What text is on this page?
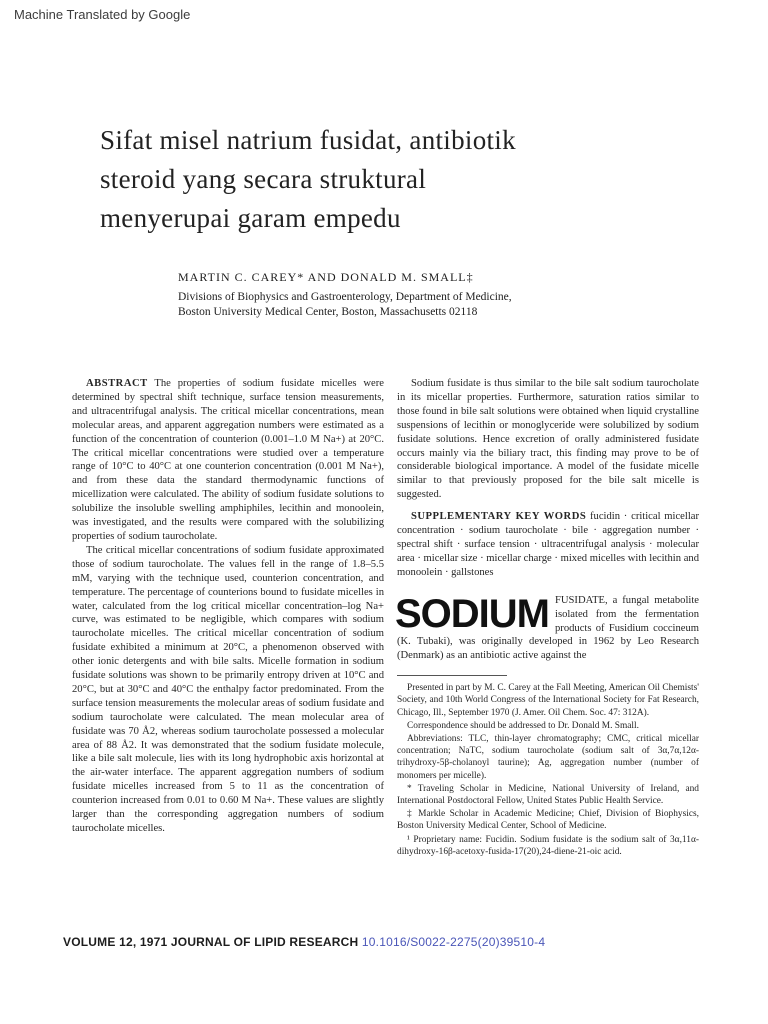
Machine Translated by Google
Sifat misel natrium fusidat, antibiotik
steroid yang secara struktural
menyerupai garam empedu
MARTIN C. CAREY* AND DONALD M. SMALL‡
Divisions of Biophysics and Gastroenterology, Department of Medicine,
Boston University Medical Center, Boston, Massachusetts 02118

ABSTRACT The properties of sodium fusidate micelles were determined by spectral shift technique, surface tension measurements, and ultracentrifugal analysis. The critical micellar concentrations, mean molecular areas, and apparent aggregation numbers were estimated as a function of the concentration of counterion (0.001–1.0 M Na+) at 20°C. The critical micellar concentrations were studied over a temperature range of 10°C to 40°C at one counterion concentration (0.001 M Na+), and from these data the standard thermodynamic functions of micellization were calculated. The ability of sodium fusidate solutions to solubilize the insoluble swelling amphiphiles, lecithin and monoolein, was investigated, and the results were compared with the solubilizing properties of sodium taurocholate.

The critical micellar concentrations of sodium fusidate approximated those of sodium taurocholate. The values fell in the range of 1.8–5.5 mM, varying with the technique used, counterion concentration, and temperature. The percentage of counterions bound to fusidate micelles in water, calculated from the log critical micellar concentration–log Na+ curve, was estimated to be negligible, which compares with sodium taurocholate micelles. The critical micellar concentration of sodium fusidate exhibited a minimum at 20°C, a phenomenon observed with other ionic detergents and with bile salts. Micelle formation in sodium fusidate solutions was shown to be primarily entropy driven at 10°C and 20°C, but at 30°C and 40°C the enthalpy factor predominated. From the surface tension measurements the molecular areas of sodium fusidate and sodium taurocholate were calculated. The mean molecular area of fusidate was 70 Å2, whereas sodium taurocholate possessed a molecular area of 88 Å2. It was demonstrated that the sodium fusidate molecule, like a bile salt molecule, lies with its long hydrophobic axis horizontal at the air-water interface. The apparent aggregation numbers of sodium fusidate micelles increased from 5 to 11 as the concentration of counterion increased from 0.01 to 0.60 M Na+. These values are slightly larger than the corresponding aggregation numbers of sodium taurocholate micelles.

Sodium fusidate is thus similar to the bile salt sodium taurocholate in its micellar properties. Furthermore, saturation ratios similar to those found in bile salt solutions were obtained when liquid crystalline suspensions of lecithin or monoglyceride were solubilized by sodium fusidate solutions. Hence excretion of orally administered fusidate occurs mainly via the biliary tract, this finding may prove to be of considerable biological importance. A model of the fusidate micelle similar to that previously proposed for the bile salt micelle is suggested.

SUPPLEMENTARY KEY WORDS fucidin · critical micellar concentration · sodium taurocholate · bile · aggregation number · spectral shift · surface tension · ultracentrifugal analysis · molecular area · micellar size · micellar charge · mixed micelles with lecithin and monoolein · gallstones

SODIUM FUSIDATE, a fungal metabolite isolated from the fermentation products of Fusidium coccineum (K. Tubaki), was originally developed in 1962 by Leo Research (Denmark) as an antibiotic active against the

Presented in part by M. C. Carey at the Fall Meeting, American Oil Chemists' Society, and 10th World Congress of the International Society for Fat Research, Chicago, Ill., September 1970 (J. Amer. Oil Chem. Soc. 47: 312A).

Correspondence should be addressed to Dr. Donald M. Small.

Abbreviations: TLC, thin-layer chromatography; CMC, critical micellar concentration; NaTC, sodium taurocholate (sodium salt of 3α,7α,12α-trihydroxy-5β-cholanoyl taurine); Ag, aggregation number (number of monomers per micelle).

* Traveling Scholar in Medicine, National University of Ireland, and International Postdoctoral Fellow, United States Public Health Service.

‡ Markle Scholar in Academic Medicine; Chief, Division of Biophysics, Boston University Medical Center, School of Medicine.

¹ Proprietary name: Fucidin. Sodium fusidate is the sodium salt of 3α,11α-dihydroxy-16β-acetoxy-fusida-17(20),24-diene-21-oic acid.

VOLUME 12, 1971 JOURNAL OF LIPID RESEARCH 10.1016/S0022-2275(20)39510-4
